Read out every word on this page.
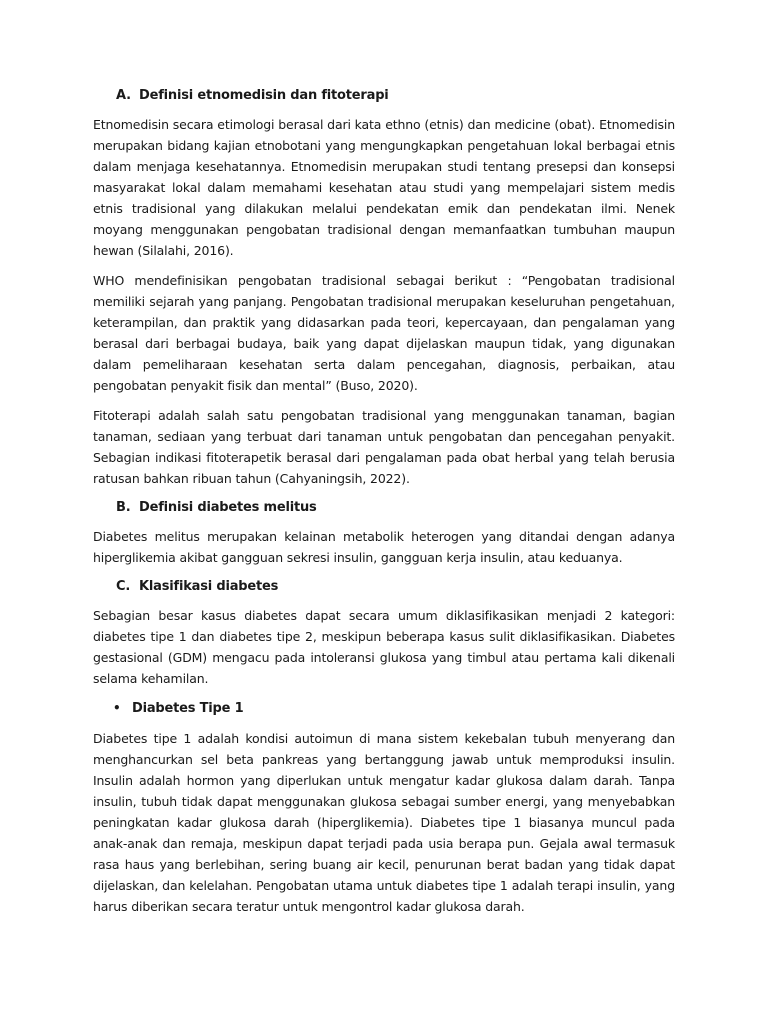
A. Definisi etnomedisin dan fitoterapi

Etnomedisin secara etimologi berasal dari kata ethno (etnis) dan medicine (obat). Etnomedisin merupakan bidang kajian etnobotani yang mengungkapkan pengetahuan lokal berbagai etnis dalam menjaga kesehatannya. Etnomedisin merupakan studi tentang presepsi dan konsepsi masyarakat lokal dalam memahami kesehatan atau studi yang mempelajari sistem medis etnis tradisional yang dilakukan melalui pendekatan emik dan pendekatan ilmi. Nenek moyang menggunakan pengobatan tradisional dengan memanfaatkan tumbuhan maupun hewan (Silalahi, 2016).

WHO mendefinisikan pengobatan tradisional sebagai berikut : “Pengobatan tradisional memiliki sejarah yang panjang. Pengobatan tradisional merupakan keseluruhan pengetahuan, keterampilan, dan praktik yang didasarkan pada teori, kepercayaan, dan pengalaman yang berasal dari berbagai budaya, baik yang dapat dijelaskan maupun tidak, yang digunakan dalam pemeliharaan kesehatan serta dalam pencegahan, diagnosis, perbaikan, atau pengobatan penyakit fisik dan mental” (Buso, 2020).

Fitoterapi adalah salah satu pengobatan tradisional yang menggunakan tanaman, bagian tanaman, sediaan yang terbuat dari tanaman untuk pengobatan dan pencegahan penyakit. Sebagian indikasi fitoterapetik berasal dari pengalaman pada obat herbal yang telah berusia ratusan bahkan ribuan tahun (Cahyaningsih, 2022).

B. Definisi diabetes melitus

Diabetes melitus merupakan kelainan metabolik heterogen yang ditandai dengan adanya hiperglikemia akibat gangguan sekresi insulin, gangguan kerja insulin, atau keduanya.

C. Klasifikasi diabetes

Sebagian besar kasus diabetes dapat secara umum diklasifikasikan menjadi 2 kategori: diabetes tipe 1 dan diabetes tipe 2, meskipun beberapa kasus sulit diklasifikasikan. Diabetes gestasional (GDM) mengacu pada intoleransi glukosa yang timbul atau pertama kali dikenali selama kehamilan.

• Diabetes Tipe 1

Diabetes tipe 1 adalah kondisi autoimun di mana sistem kekebalan tubuh menyerang dan menghancurkan sel beta pankreas yang bertanggung jawab untuk memproduksi insulin. Insulin adalah hormon yang diperlukan untuk mengatur kadar glukosa dalam darah. Tanpa insulin, tubuh tidak dapat menggunakan glukosa sebagai sumber energi, yang menyebabkan peningkatan kadar glukosa darah (hiperglikemia). Diabetes tipe 1 biasanya muncul pada anak-anak dan remaja, meskipun dapat terjadi pada usia berapa pun. Gejala awal termasuk rasa haus yang berlebihan, sering buang air kecil, penurunan berat badan yang tidak dapat dijelaskan, dan kelelahan. Pengobatan utama untuk diabetes tipe 1 adalah terapi insulin, yang harus diberikan secara teratur untuk mengontrol kadar glukosa darah.
